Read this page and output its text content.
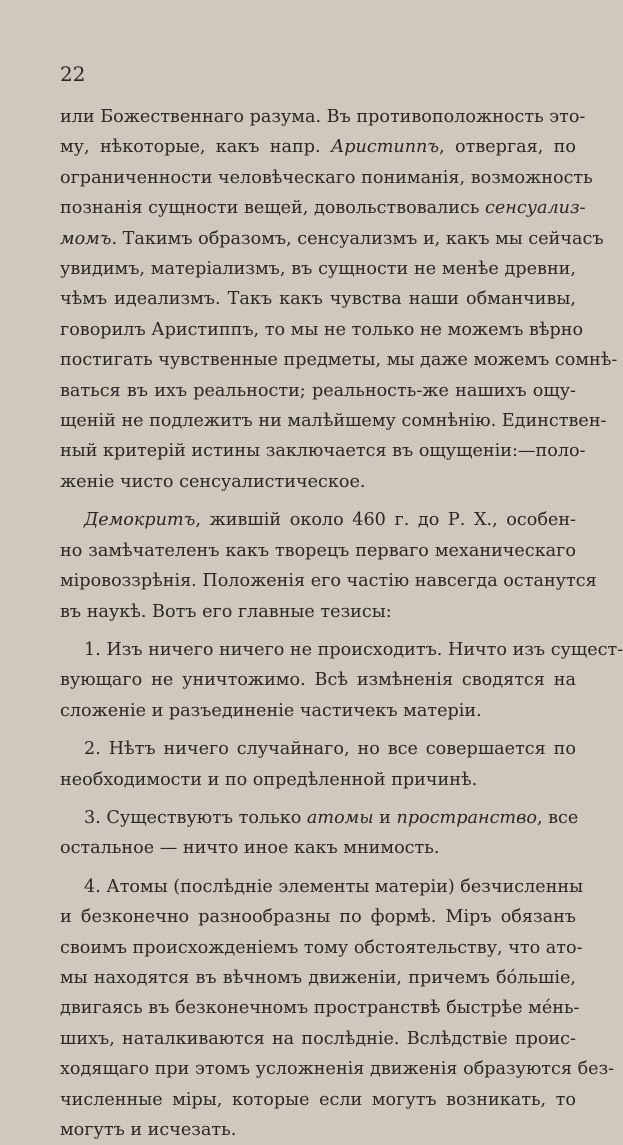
22
или Божественнаго разума. Въ противоположность это-
му, нѣкоторые, какъ напр. Аристиппъ, отвергая, по
ограниченности человѣческаго пониманія, возможность
познанія сущности вещей, довольствовались сенсуализ-
момъ. Такимъ образомъ, сенсуализмъ и, какъ мы сейчасъ
увидимъ, матеріализмъ, въ сущности не менѣе древни,
чѣмъ идеализмъ. Такъ какъ чувства наши обманчивы,
говорилъ Аристиппъ, то мы не только не можемъ вѣрно
постигать чувственные предметы, мы даже можемъ сомнѣ-
ваться въ ихъ реальности; реальность-же нашихъ ощу-
щеній не подлежитъ ни малѣйшему сомнѣнію. Единствен-
ный критерій истины заключается въ ощущеніи:—поло-
женіе чисто сенсуалистическое.
Демокритъ, жившій около 460 г. до Р. Х., особен-
но замѣчателенъ какъ творецъ перваго механическаго
міровоззрѣнія. Положенія его частію навсегда останутся
въ наукѣ. Вотъ его главные тезисы:
1. Изъ ничего ничего не происходитъ. Ничто изъ сущест-
вующаго не уничтожимо. Всѣ измѣненія сводятся на
сложеніе и разъединеніе частичекъ матеріи.
2. Нѣтъ ничего случайнаго, но все совершается по
необходимости и по опредѣленной причинѣ.
3. Существуютъ только атомы и пространство, все
остальное — ничто иное какъ мнимость.
4. Атомы (послѣдніе элементы матеріи) безчисленны
и безконечно разнообразны по формѣ. Міръ обязанъ
своимъ происхожденіемъ тому обстоятельству, что ато-
мы находятся въ вѣчномъ движеніи, причемъ бóльшіе,
двигаясь въ безконечномъ пространствѣ быстрѣе мéнь-
шихъ, наталкиваются на послѣдніе. Вслѣдствіе проис-
ходящаго при этомъ усложненія движенія образуются без-
численные міры, которые если могутъ возникать, то
могутъ и исчезать.
